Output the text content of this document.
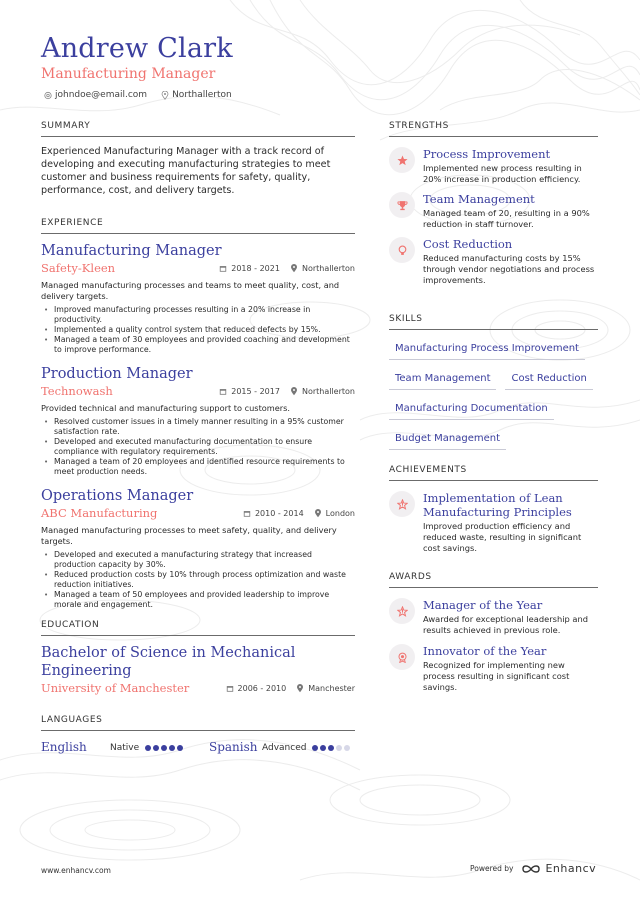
Andrew Clark
Manufacturing Manager
johndoe@email.com	Northallerton
SUMMARY
Experienced Manufacturing Manager with a track record of developing and executing manufacturing strategies to meet customer and business requirements for safety, quality, performance, cost, and delivery targets.
EXPERIENCE
Manufacturing Manager
Safety-Kleen	2018 - 2021	Northallerton
Managed manufacturing processes and teams to meet quality, cost, and delivery targets.
• Improved manufacturing processes resulting in a 20% increase in productivity.
• Implemented a quality control system that reduced defects by 15%.
• Managed a team of 30 employees and provided coaching and development to improve performance.
Production Manager
Technowash	2015 - 2017	Northallerton
Provided technical and manufacturing support to customers.
• Resolved customer issues in a timely manner resulting in a 95% customer satisfaction rate.
• Developed and executed manufacturing documentation to ensure compliance with regulatory requirements.
• Managed a team of 20 employees and identified resource requirements to meet production needs.
Operations Manager
ABC Manufacturing	2010 - 2014	London
Managed manufacturing processes to meet safety, quality, and delivery targets.
• Developed and executed a manufacturing strategy that increased production capacity by 30%.
• Reduced production costs by 10% through process optimization and waste reduction initiatives.
• Managed a team of 50 employees and provided leadership to improve morale and engagement.
EDUCATION
Bachelor of Science in Mechanical Engineering
University of Manchester	2006 - 2010	Manchester
LANGUAGES
English	Native	Spanish Advanced
STRENGTHS
Process Improvement
Implemented new process resulting in 20% increase in production efficiency.
Team Management
Managed team of 20, resulting in a 90% reduction in staff turnover.
Cost Reduction
Reduced manufacturing costs by 15% through vendor negotiations and process improvements.
SKILLS
Manufacturing Process Improvement
Team Management	Cost Reduction
Manufacturing Documentation
Budget Management
ACHIEVEMENTS
Implementation of Lean Manufacturing Principles
Improved production efficiency and reduced waste, resulting in significant cost savings.
AWARDS
Manager of the Year
Awarded for exceptional leadership and results achieved in previous role.
Innovator of the Year
Recognized for implementing new process resulting in significant cost savings.
www.enhancv.com	Powered by	Enhancv
